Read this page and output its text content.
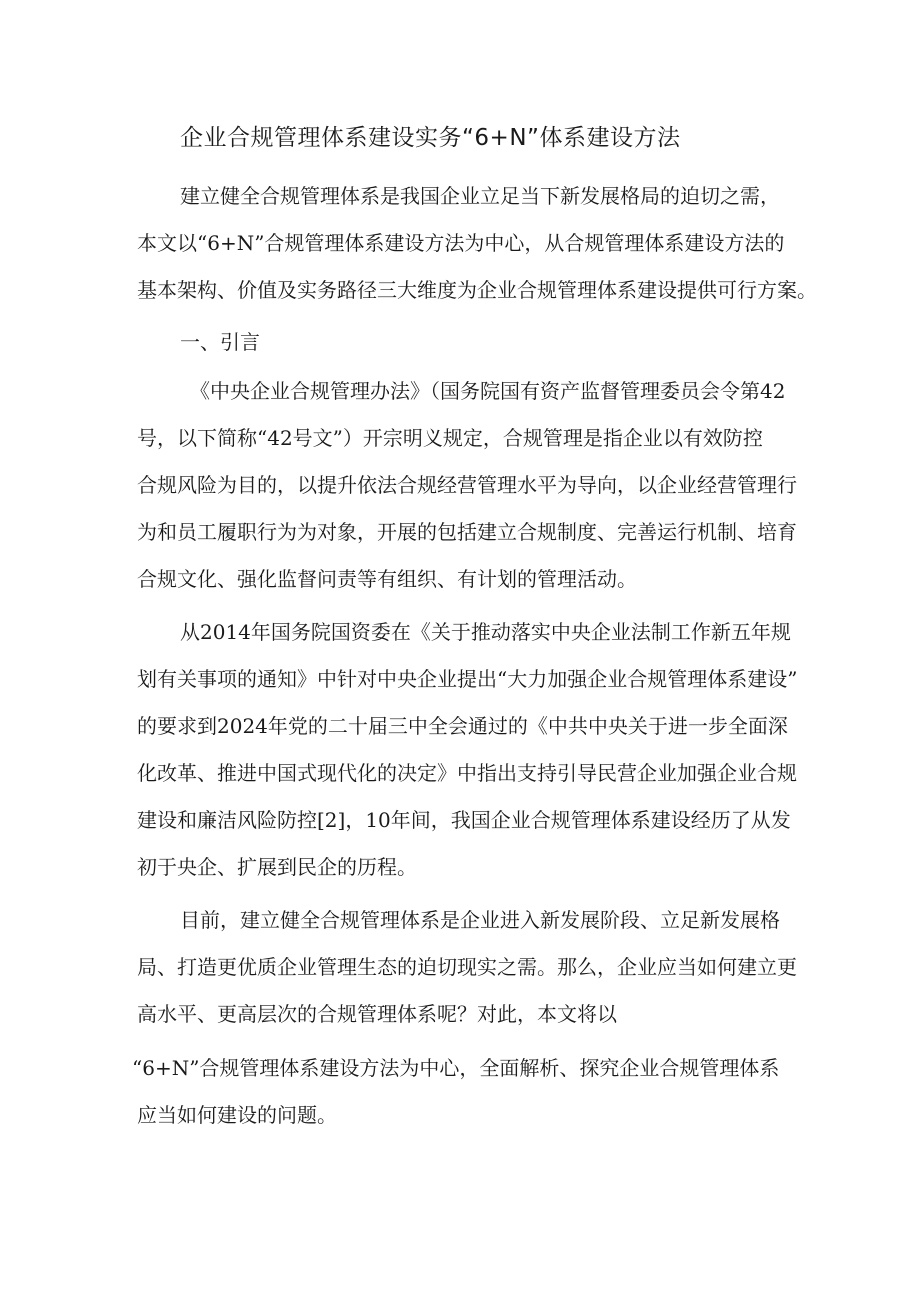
企业合规管理体系建设实务“6+N”体系建设方法
建立健全合规管理体系是我国企业立足当下新发展格局的迫切之需，
本文以“6+N”合规管理体系建设方法为中心，从合规管理体系建设方法的
基本架构、价值及实务路径三大维度为企业合规管理体系建设提供可行方案。
一、引言
《中央企业合规管理办法》（国务院国有资产监督管理委员会令第42
号，以下简称“42号文”）开宗明义规定，合规管理是指企业以有效防控
合规风险为目的，以提升依法合规经营管理水平为导向，以企业经营管理行
为和员工履职行为为对象，开展的包括建立合规制度、完善运行机制、培育
合规文化、强化监督问责等有组织、有计划的管理活动。
从2014年国务院国资委在《关于推动落实中央企业法制工作新五年规
划有关事项的通知》中针对中央企业提出“大力加强企业合规管理体系建设”
的要求到2024年党的二十届三中全会通过的《中共中央关于进一步全面深
化改革、推进中国式现代化的决定》中指出支持引导民营企业加强企业合规
建设和廉洁风险防控[2]，10年间，我国企业合规管理体系建设经历了从发
初于央企、扩展到民企的历程。
目前，建立健全合规管理体系是企业进入新发展阶段、立足新发展格
局、打造更优质企业管理生态的迫切现实之需。那么，企业应当如何建立更
高水平、更高层次的合规管理体系呢？对此，本文将以
“6+N”合规管理体系建设方法为中心，全面解析、探究企业合规管理体系
应当如何建设的问题。
